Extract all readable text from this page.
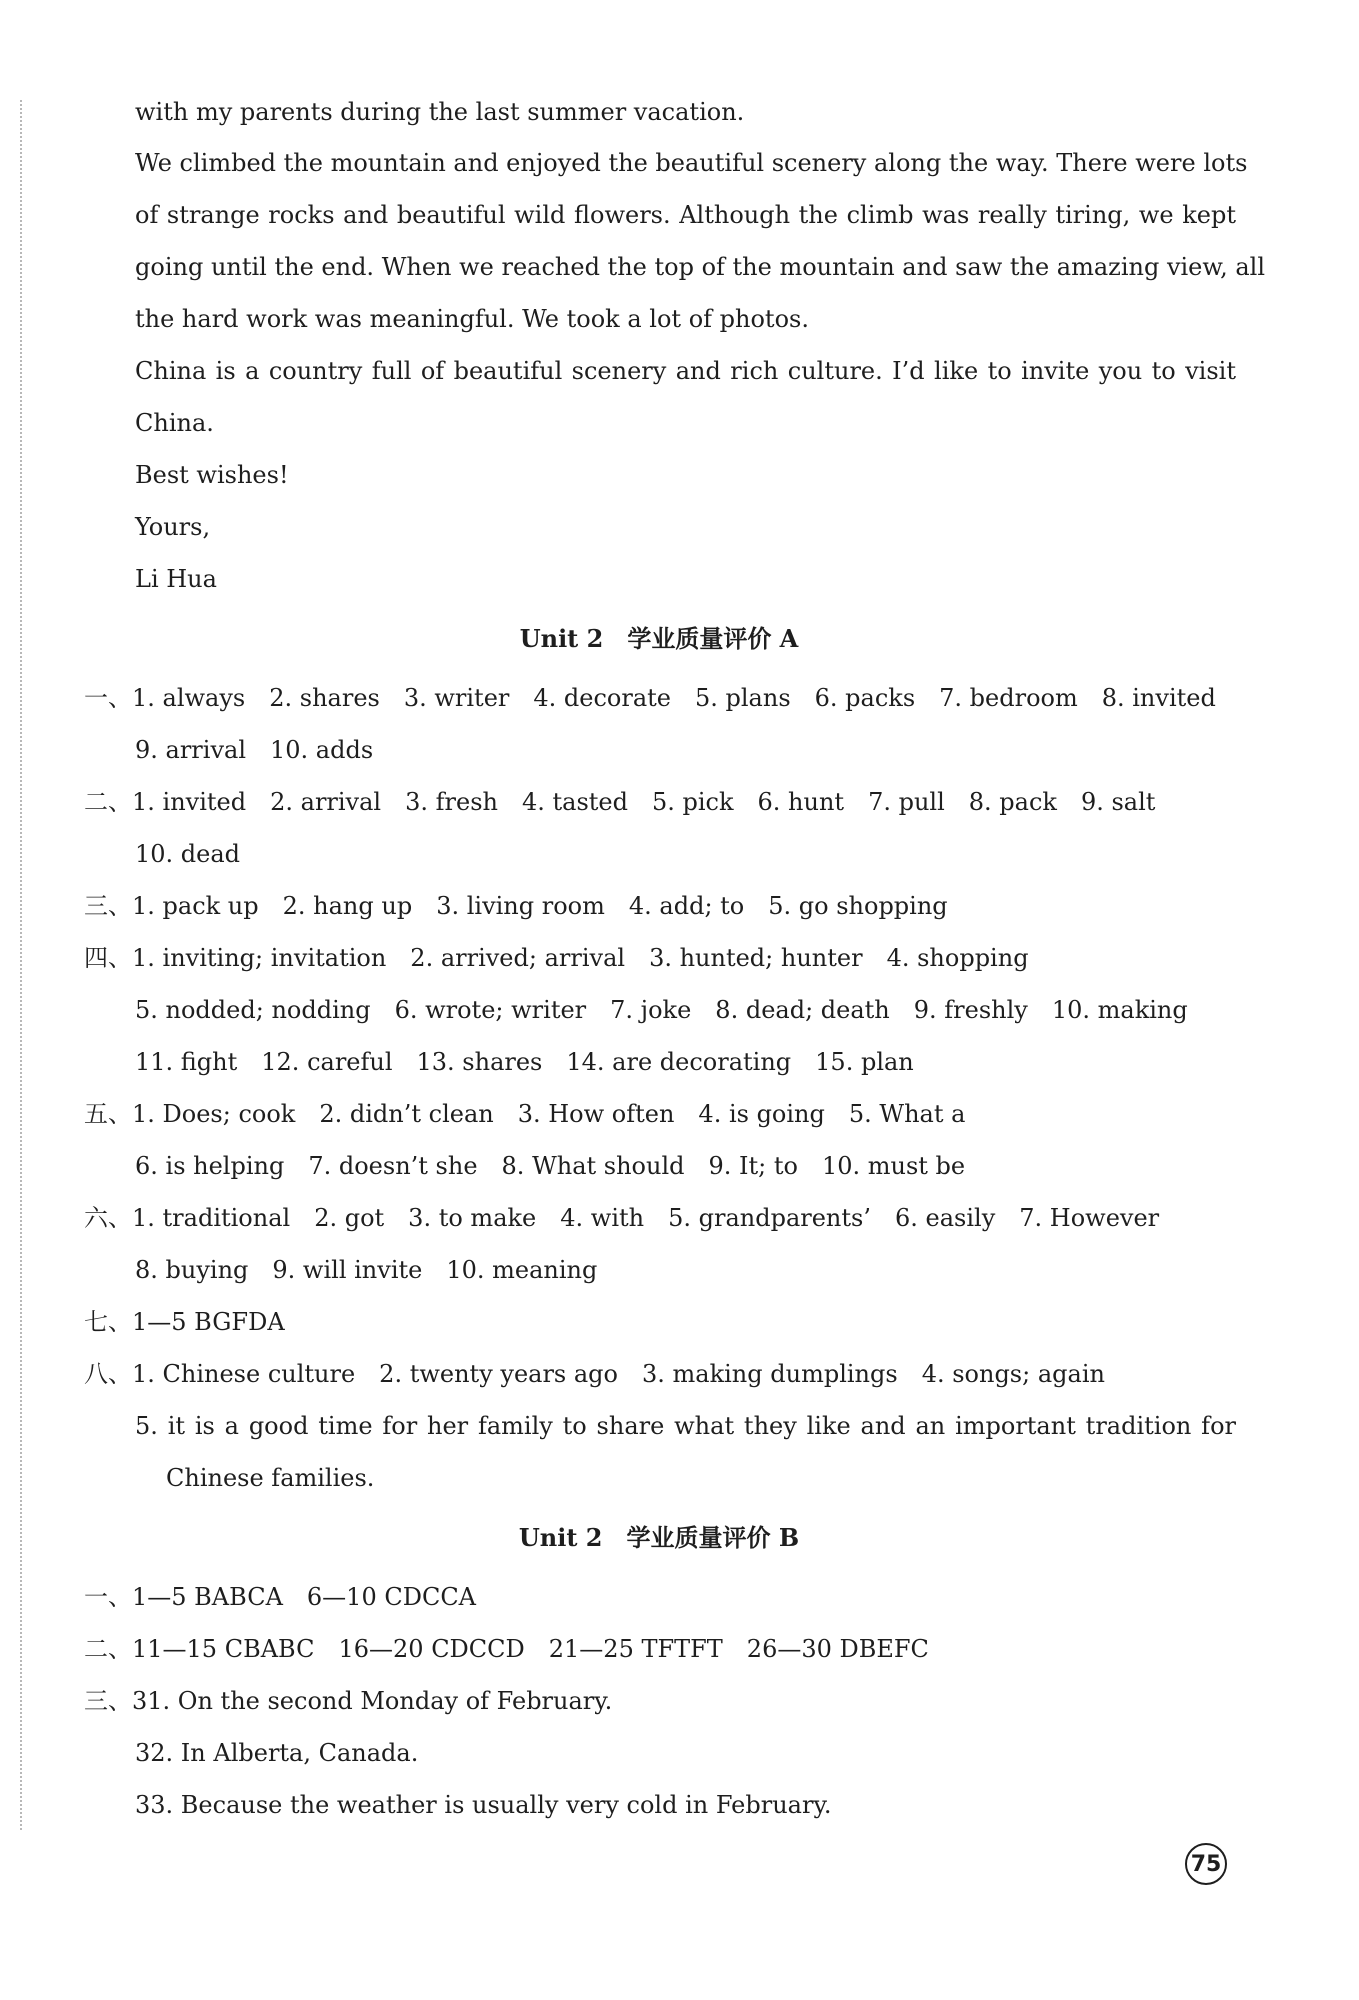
with my parents during the last summer vacation.
We climbed the mountain and enjoyed the beautiful scenery along the way. There were lots
of strange rocks and beautiful wild flowers. Although the climb was really tiring, we kept
going until the end. When we reached the top of the mountain and saw the amazing view, all
the hard work was meaningful. We took a lot of photos.
China is a country full of beautiful scenery and rich culture. I’d like to invite you to visit
China.
Best wishes!
Yours,
Li Hua
Unit 2　学业质量评价 A
一、1. always　2. shares　3. writer　4. decorate　5. plans　6. packs　7. bedroom　8. invited
9. arrival　10. adds
二、1. invited　2. arrival　3. fresh　4. tasted　5. pick　6. hunt　7. pull　8. pack　9. salt
10. dead
三、1. pack up　2. hang up　3. living room　4. add; to　5. go shopping
四、1. inviting; invitation　2. arrived; arrival　3. hunted; hunter　4. shopping
5. nodded; nodding　6. wrote; writer　7. joke　8. dead; death　9. freshly　10. making
11. fight　12. careful　13. shares　14. are decorating　15. plan
五、1. Does; cook　2. didn’t clean　3. How often　4. is going　5. What a
6. is helping　7. doesn’t she　8. What should　9. It; to　10. must be
六、1. traditional　2. got　3. to make　4. with　5. grandparents’　6. easily　7. However
8. buying　9. will invite　10. meaning
七、1—5 BGFDA
八、1. Chinese culture　2. twenty years ago　3. making dumplings　4. songs; again
5. it is a good time for her family to share what they like and an important tradition for
Chinese families.
Unit 2　学业质量评价 B
一、1—5 BABCA　6—10 CDCCA
二、11—15 CBABC　16—20 CDCCD　21—25 TFTFT　26—30 DBEFC
三、31. On the second Monday of February.
32. In Alberta, Canada.
33. Because the weather is usually very cold in February.
75
